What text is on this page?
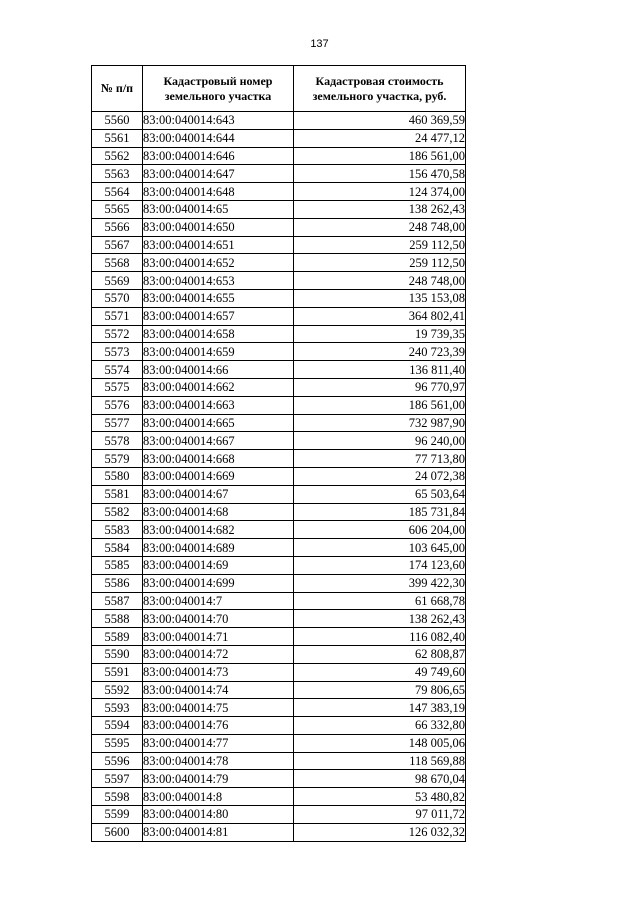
137
№ п/п	Кадастровый номер земельного участка	Кадастровая стоимость земельного участка, руб.
5560	83:00:040014:643	460 369,59
5561	83:00:040014:644	24 477,12
5562	83:00:040014:646	186 561,00
5563	83:00:040014:647	156 470,58
5564	83:00:040014:648	124 374,00
5565	83:00:040014:65	138 262,43
5566	83:00:040014:650	248 748,00
5567	83:00:040014:651	259 112,50
5568	83:00:040014:652	259 112,50
5569	83:00:040014:653	248 748,00
5570	83:00:040014:655	135 153,08
5571	83:00:040014:657	364 802,41
5572	83:00:040014:658	19 739,35
5573	83:00:040014:659	240 723,39
5574	83:00:040014:66	136 811,40
5575	83:00:040014:662	96 770,97
5576	83:00:040014:663	186 561,00
5577	83:00:040014:665	732 987,90
5578	83:00:040014:667	96 240,00
5579	83:00:040014:668	77 713,80
5580	83:00:040014:669	24 072,38
5581	83:00:040014:67	65 503,64
5582	83:00:040014:68	185 731,84
5583	83:00:040014:682	606 204,00
5584	83:00:040014:689	103 645,00
5585	83:00:040014:69	174 123,60
5586	83:00:040014:699	399 422,30
5587	83:00:040014:7	61 668,78
5588	83:00:040014:70	138 262,43
5589	83:00:040014:71	116 082,40
5590	83:00:040014:72	62 808,87
5591	83:00:040014:73	49 749,60
5592	83:00:040014:74	79 806,65
5593	83:00:040014:75	147 383,19
5594	83:00:040014:76	66 332,80
5595	83:00:040014:77	148 005,06
5596	83:00:040014:78	118 569,88
5597	83:00:040014:79	98 670,04
5598	83:00:040014:8	53 480,82
5599	83:00:040014:80	97 011,72
5600	83:00:040014:81	126 032,32
